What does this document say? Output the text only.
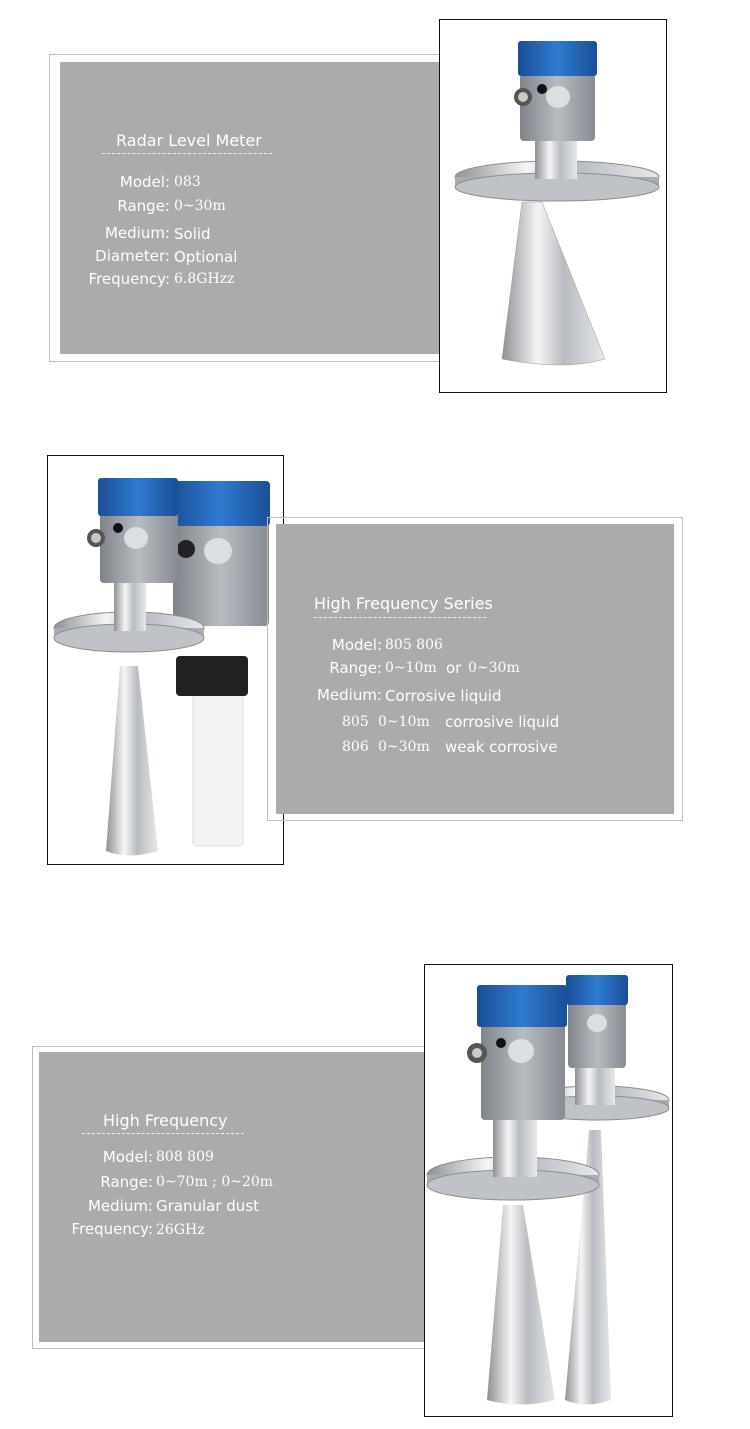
Radar Level Meter
Model: 083
Range: 0~30m
Medium: Solid
Diameter: Optional
Frequency: 6.8GHzz
High Frequency Series
Model: 805 806
Range: 0~10m or 0~30m
Medium: Corrosive liquid
805 0~10m corrosive liquid
806 0~30m weak corrosive
High Frequency
Model: 808 809
Range: 0~70m ; 0~20m
Medium: Granular dust
Frequency: 26GHz
